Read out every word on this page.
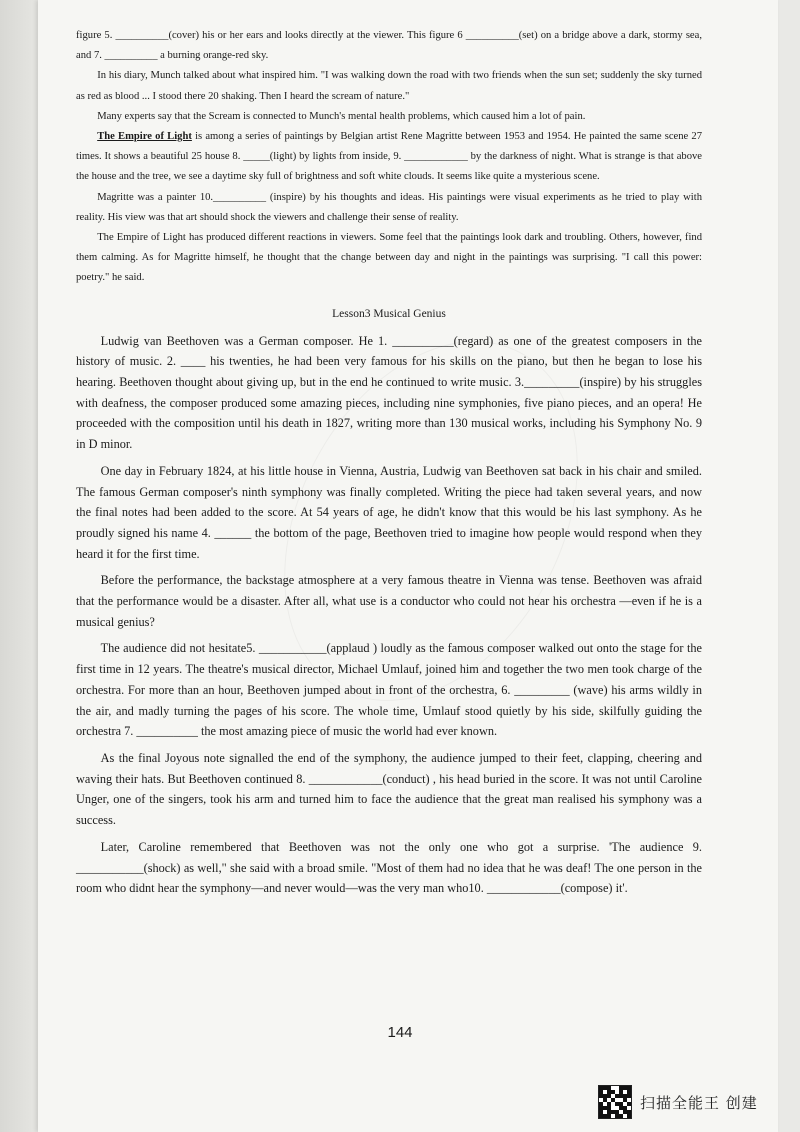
figure 5. __________(cover) his or her ears and looks directly at the viewer. This figure 6 __________(set) on a bridge above a dark, stormy sea, and 7. __________ a burning orange-red sky.

In his diary, Munch talked about what inspired him. "I was walking down the road with two friends when the sun set; suddenly the sky turned as red as blood ... I stood there 20 shaking. Then I heard the scream of nature."

Many experts say that the Scream is connected to Munch's mental health problems, which caused him a lot of pain.

The Empire of Light is among a series of paintings by Belgian artist Rene Magritte between 1953 and 1954. He painted the same scene 27 times. It shows a beautiful 25 house 8. _____(light) by lights from inside, 9. ____________ by the darkness of night. What is strange is that above the house and the tree, we see a daytime sky full of brightness and soft white clouds. It seems like quite a mysterious scene.

Magritte was a painter 10.__________ (inspire) by his thoughts and ideas. His paintings were visual experiments as he tried to play with reality. His view was that art should shock the viewers and challenge their sense of reality.

The Empire of Light has produced different reactions in viewers. Some feel that the paintings look dark and troubling. Others, however, find them calming. As for Magritte himself, he thought that the change between day and night in the paintings was surprising. "I call this power: poetry." he said.

Lesson3 Musical Genius

Ludwig van Beethoven was a German composer. He 1. __________(regard) as one of the greatest composers in the history of music. 2. ____ his twenties, he had been very famous for his skills on the piano, but then he began to lose his hearing. Beethoven thought about giving up, but in the end he continued to write music. 3._________(inspire) by his struggles with deafness, the composer produced some amazing pieces, including nine symphonies, five piano pieces, and an opera! He proceeded with the composition until his death in 1827, writing more than 130 musical works, including his Symphony No. 9 in D minor.

One day in February 1824, at his little house in Vienna, Austria, Ludwig van Beethoven sat back in his chair and smiled. The famous German composer's ninth symphony was finally completed. Writing the piece had taken several years, and now the final notes had been added to the score. At 54 years of age, he didn't know that this would be his last symphony. As he proudly signed his name 4. ______ the bottom of the page, Beethoven tried to imagine how people would respond when they heard it for the first time.

Before the performance, the backstage atmosphere at a very famous theatre in Vienna was tense. Beethoven was afraid that the performance would be a disaster. After all, what use is a conductor who could not hear his orchestra —even if he is a musical genius?

The audience did not hesitate5. ___________(applaud ) loudly as the famous composer walked out onto the stage for the first time in 12 years. The theatre's musical director, Michael Umlauf, joined him and together the two men took charge of the orchestra. For more than an hour, Beethoven jumped about in front of the orchestra, 6. _________ (wave) his arms wildly in the air, and madly turning the pages of his score. The whole time, Umlauf stood quietly by his side, skilfully guiding the orchestra 7. __________ the most amazing piece of music the world had ever known.

As the final Joyous note signalled the end of the symphony, the audience jumped to their feet, clapping, cheering and waving their hats. But Beethoven continued 8. ____________(conduct) , his head buried in the score. It was not until Caroline Unger, one of the singers, took his arm and turned him to face the audience that the great man realised his symphony was a success.

Later, Caroline remembered that Beethoven was not the only one who got a surprise. 'The audience 9. ___________(shock) as well," she said with a broad smile. "Most of them had no idea that he was deaf! The one person in the room who didnt hear the symphony—and never would—was the very man who10. ____________(compose) it'.

144
扫描全能王 创建
